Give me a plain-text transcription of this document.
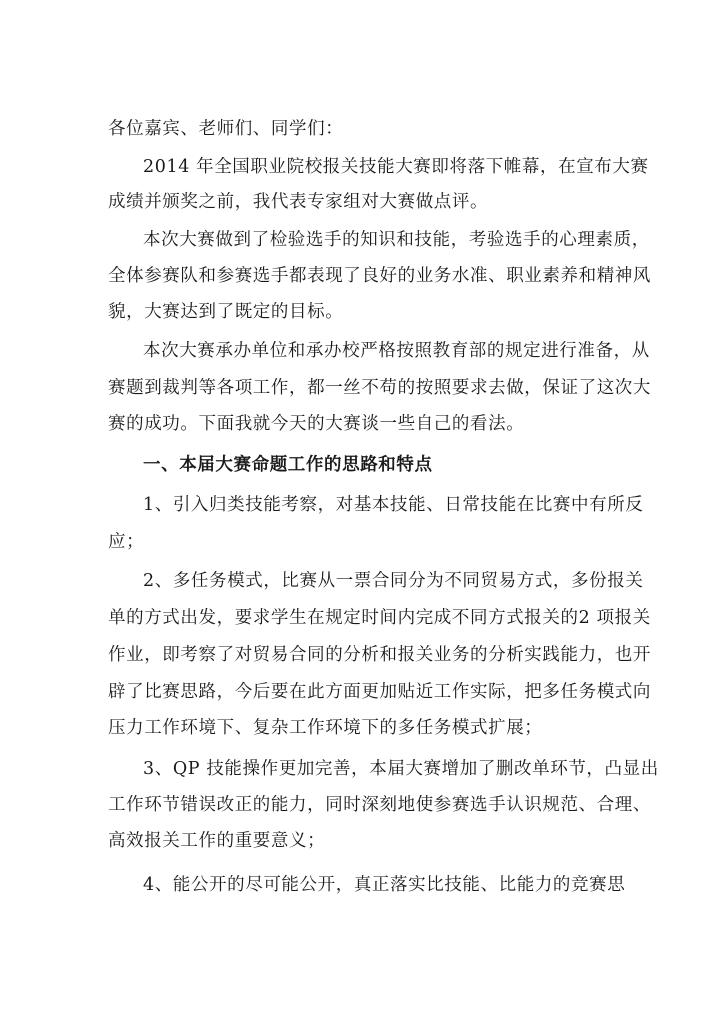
各位嘉宾、老师们、同学们：
2014 年全国职业院校报关技能大赛即将落下帷幕，在宣布大赛
成绩并颁奖之前，我代表专家组对大赛做点评。
本次大赛做到了检验选手的知识和技能，考验选手的心理素质，
全体参赛队和参赛选手都表现了良好的业务水准、职业素养和精神风
貌，大赛达到了既定的目标。
本次大赛承办单位和承办校严格按照教育部的规定进行准备，从
赛题到裁判等各项工作，都一丝不苟的按照要求去做，保证了这次大
赛的成功。下面我就今天的大赛谈一些自己的看法。
一、本届大赛命题工作的思路和特点
1、引入归类技能考察，对基本技能、日常技能在比赛中有所反
应；
2、多任务模式，比赛从一票合同分为不同贸易方式，多份报关
单的方式出发，要求学生在规定时间内完成不同方式报关的2 项报关
作业，即考察了对贸易合同的分析和报关业务的分析实践能力，也开
辟了比赛思路，今后要在此方面更加贴近工作实际，把多任务模式向
压力工作环境下、复杂工作环境下的多任务模式扩展；
3、QP 技能操作更加完善，本届大赛增加了删改单环节，凸显出
工作环节错误改正的能力，同时深刻地使参赛选手认识规范、合理、
高效报关工作的重要意义；
4、能公开的尽可能公开，真正落实比技能、比能力的竞赛思
